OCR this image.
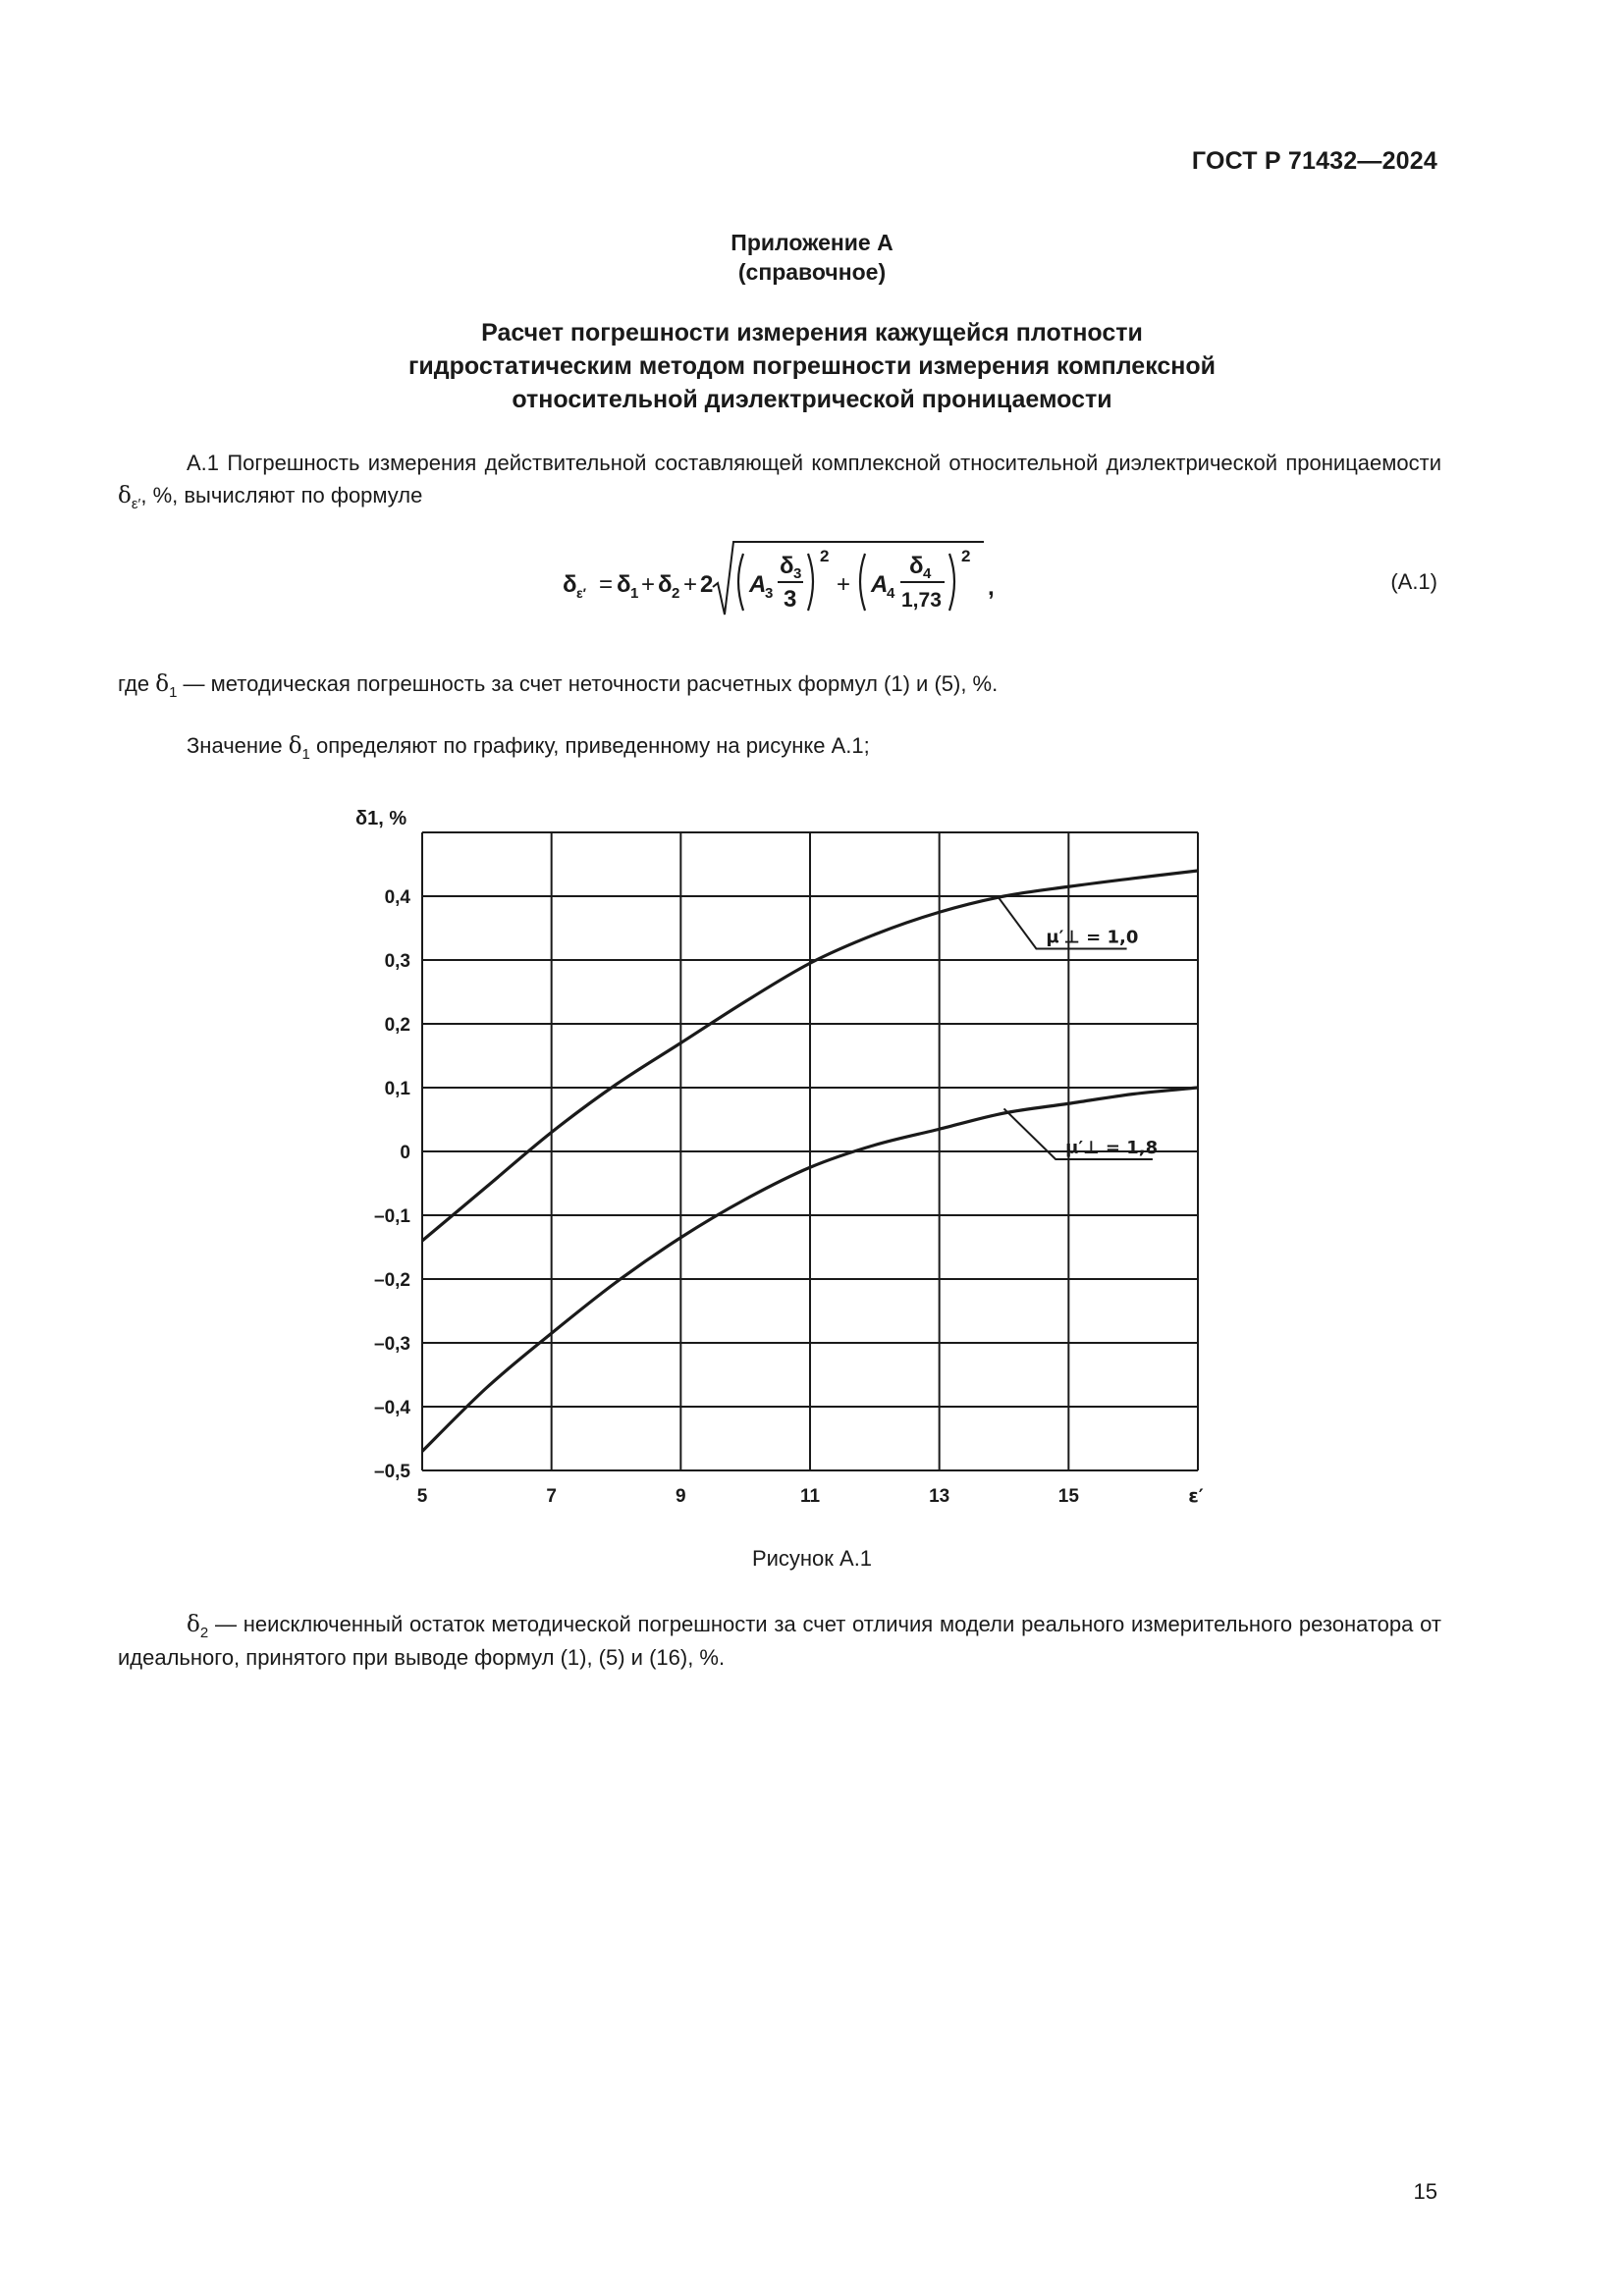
ГОСТ Р 71432—2024
Приложение А
(справочное)
Расчет погрешности измерения кажущейся плотности
гидростатическим методом погрешности измерения комплексной
относительной диэлектрической проницаемости
А.1 Погрешность измерения действительной составляющей комплексной относительной диэлектрической проницаемости $\delta_{\varepsilon'}$, %, вычисляют по формуле
δ ε′ = δ 1 + δ 2 + 2 A
3
δ 3
3
2
+ A
4
δ 4
1,73
2
,	(А.1)
где $\delta_1$ — методическая погрешность за счет неточности расчетных формул (1) и (5), %.
Значение $\delta_1$ определяют по графику, приведенному на рисунке А.1;
5	7	9	11	13	15
0,4
0,3
0,2
0,1
0
–0,1
–0,2
–0,3
–0,4
–0,5
δ1, %
ε′
μ′⊥ = 1,0
μ′⊥ = 1,8
Рисунок А.1
$\delta_2$ — неисключенный остаток методической погрешности за счет отличия модели реального измерительного резонатора от идеального, принятого при выводе формул (1), (5) и (16), %.
15
